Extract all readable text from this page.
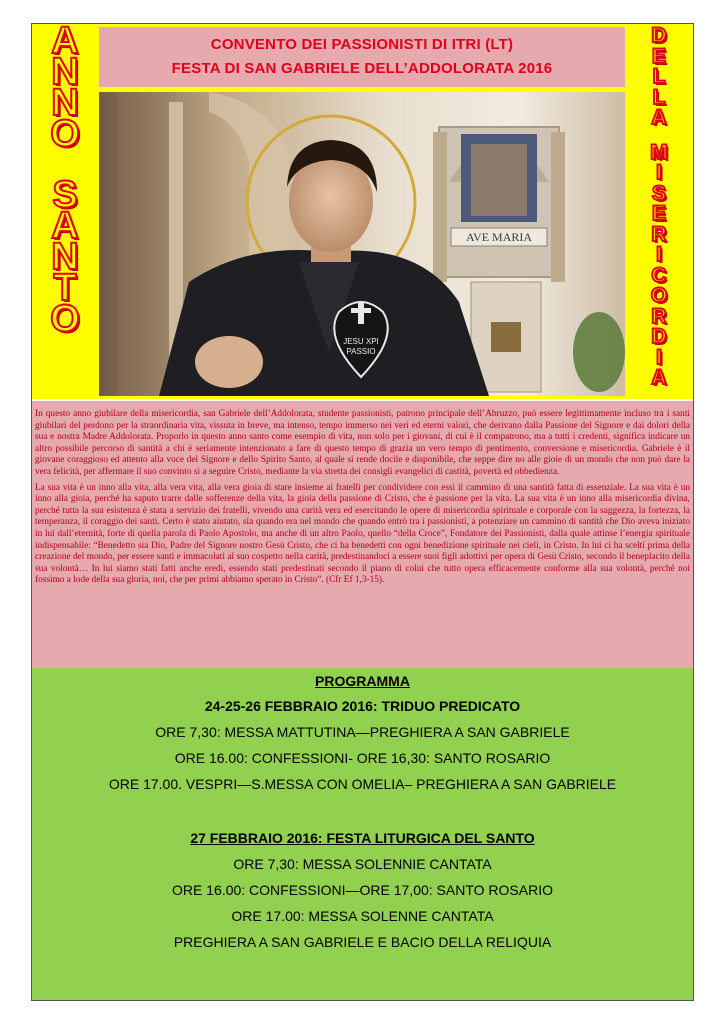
A
N
N
O
S
A
N
T
O
D
E
L
L
A
M
I
S
E
R
I
C
O
R
D
I
A
CONVENTO DEI PASSIONISTI DI ITRI (LT)
FESTA DI SAN GABRIELE DELL’ADDOLORATA 2016
AVE MARIA
JESU XPI
PASSIO

In questo anno giubilare della misericordia, san Gabriele dell’Addolorata, studente passionisti, patrono principale dell’Abruzzo, può essere legittimamente incluso tra i santi giubilari del perdono per la straordinaria vita, vissuta in breve, ma intenso, tempo immerso nei veri ed eterni valori, che derivano dalla Passione del Signore e dai dolori della sua e nostra Madre Addolorata. Proporlo in questo anno santo come esempio di vita, non solo per i giovani, di cui è il compatrono, ma a tutti i credenti, significa indicare un altro possibile percorso di santità a chi è seriamente intenzionato a fare di questo tempo di grazia un vero tempo di pentimento, conversione e misericordia. Gabriele è il giovane coraggioso ed attento alla voce del Signore e dello Spirito Santo, al quale si rende docile e disponibile, che seppe dire no alle gioie di un mondo che non può dare la vera felicità, per affermare il suo convinto sì a seguire Cristo, mediante la via stretta dei consigli evangelici di castità, povertà ed obbedienza.

La sua vita è un inno alla vita, alla vera vita, alla vera gioia di stare insieme ai fratelli per condividere con essi il cammino di una santità fatta di essenziale. La sua vita è un inno alla gioia, perché ha saputo trarre dalle sofferenze della vita, la gioia della passione di Cristo, che è passione per la vita. La sua vita è un inno alla misericordia divina, perché tutta la sua esistenza è stata a servizio dei fratelli, vivendo una carità vera ed esercitando le opere di misericordia spirituale e corporale con la saggezza, la fortezza, la temperanza, il coraggio dei santi. Certo è stato aiutato, sia quando era nel mondo che quando entrò tra i passionisti, a potenziare un cammino di santità che Dio aveva iniziato in lui dall’eternità, forte di quella parola di Paolo Apostolo, ma anche di un altro Paolo, quello “della Croce”, Fondatore dei Passionisti, dalla quale attinse l’energia spirituale indispensabile: “Benedetto sia Dio, Padre del Signore nostro Gesù Cristo, che ci ha benedetti con ogni benedizione spirituale nei cieli, in Cristo. In lui ci ha scelti prima della creazione del mondo, per essere santi e immacolati al suo cospetto nella carità, predestinandoci a essere suoi figli adottivi per opera di Gesù Cristo, secondo il beneplacito della sua volontà… In lui siamo stati fatti anche eredi, essendo stati predestinati secondo il piano di colui che tutto opera efficacemente conforme alla sua volontà, perché noi fossimo a lode della sua gloria, noi, che per primi abbiamo sperato in Cristo”. (Cfr Ef 1,3-15).

PROGRAMMA
24-25-26 FEBBRAIO 2016: TRIDUO PREDICATO
ORE 7,30: MESSA MATTUTINA—PREGHIERA A SAN GABRIELE
ORE 16.00: CONFESSIONI- ORE 16,30: SANTO ROSARIO
ORE 17.00. VESPRI—S.MESSA CON OMELIA– PREGHIERA A SAN GABRIELE
27 FEBBRAIO 2016: FESTA LITURGICA DEL SANTO
ORE 7,30: MESSA SOLENNIE CANTATA
ORE 16.00: CONFESSIONI—ORE 17,00: SANTO ROSARIO
ORE 17.00: MESSA SOLENNE CANTATA
PREGHIERA A SAN GABRIELE E BACIO DELLA RELIQUIA
